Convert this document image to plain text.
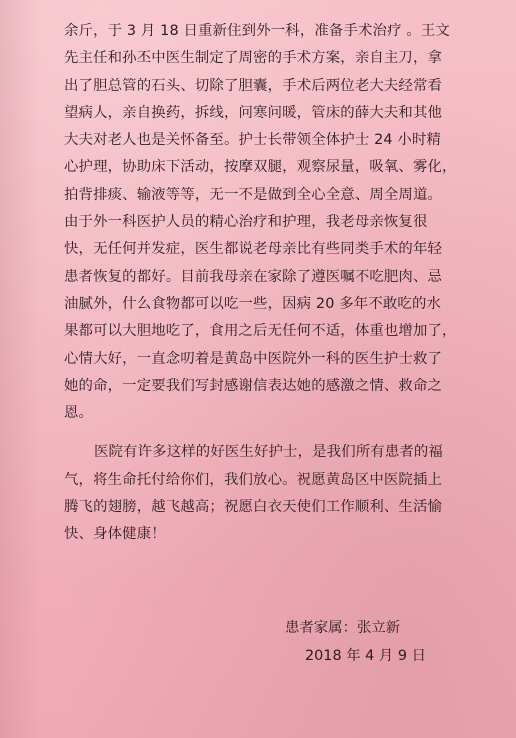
余斤，于 3 月 18 日重新住到外一科，准备手术治疗 。王文
先主任和孙丕中医生制定了周密的手术方案，亲自主刀，拿
出了胆总管的石头、切除了胆囊，手术后两位老大夫经常看
望病人，亲自换药，拆线，问寒问暖，管床的薛大夫和其他
大夫对老人也是关怀备至。护士长带领全体护士 24 小时精
心护理，协助床下活动，按摩双腿，观察尿量，吸氧、雾化，
拍背排痰、输液等等，无一不是做到全心全意、周全周道。
由于外一科医护人员的精心治疗和护理，我老母亲恢复很
快，无任何并发症，医生都说老母亲比有些同类手术的年轻
患者恢复的都好。目前我母亲在家除了遵医嘱不吃肥肉、忌
油腻外，什么食物都可以吃一些，因病 20 多年不敢吃的水
果都可以大胆地吃了，食用之后无任何不适，体重也增加了，
心情大好，一直念叨着是黄岛中医院外一科的医生护士救了
她的命，一定要我们写封感谢信表达她的感激之情、救命之
恩。
医院有许多这样的好医生好护士，是我们所有患者的福
气，将生命托付给你们，我们放心。祝愿黄岛区中医院插上
腾飞的翅膀，越飞越高；祝愿白衣天使们工作顺利、生活愉
快、身体健康！
患者家属：张立新
2018 年 4 月 9 日
